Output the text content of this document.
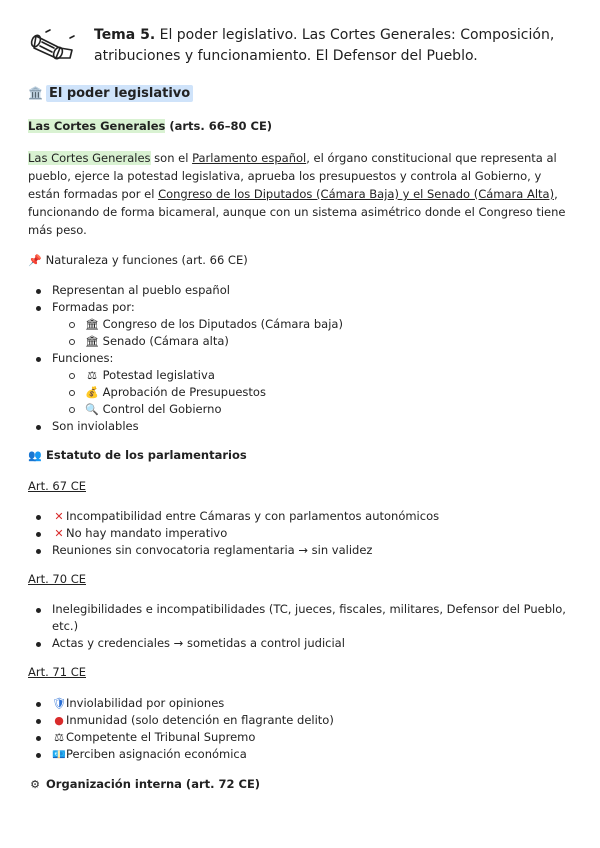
Tema 5. El poder legislativo. Las Cortes Generales: Composición, atribuciones y funcionamiento. El Defensor del Pueblo.
🏛️ El poder legislativo
Las Cortes Generales (arts. 66–80 CE)
Las Cortes Generales son el Parlamento español, el órgano constitucional que representa al pueblo, ejerce la potestad legislativa, aprueba los presupuestos y controla al Gobierno, y están formadas por el Congreso de los Diputados (Cámara Baja) y el Senado (Cámara Alta), funcionando de forma bicameral, aunque con un sistema asimétrico donde el Congreso tiene más peso.
📌 Naturaleza y funciones (art. 66 CE)
Representan al pueblo español
Formadas por:
🏛 Congreso de los Diputados (Cámara baja)
🏛 Senado (Cámara alta)
Funciones:
⚖ Potestad legislativa
💰 Aprobación de Presupuestos
🔍 Control del Gobierno
Son inviolables
👥 Estatuto de los parlamentarios
Art. 67 CE
✕ Incompatibilidad entre Cámaras y con parlamentos autonómicos
✕ No hay mandato imperativo
Reuniones sin convocatoria reglamentaria → sin validez
Art. 70 CE
Inelegibilidades e incompatibilidades (TC, jueces, fiscales, militares, Defensor del Pueblo, etc.)
Actas y credenciales → sometidas a control judicial
Art. 71 CE
🛡Inviolabilidad por opiniones
● Inmunidad (solo detención en flagrante delito)
⚖ Competente el Tribunal Supremo
💶Perciben asignación económica
⚙ Organización interna (art. 72 CE)
